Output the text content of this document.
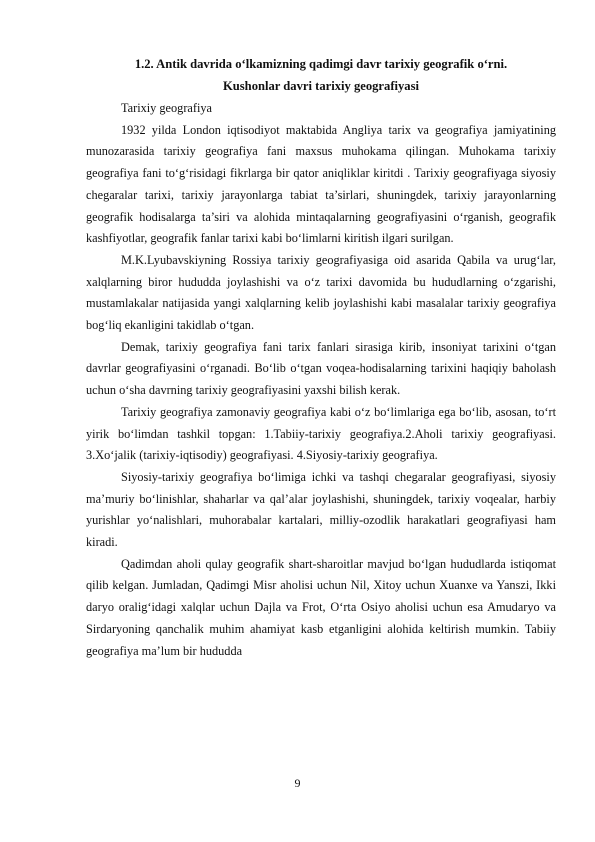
1.2. Antik davrida o‘lkamizning qadimgi davr tarixiy geografik o‘rni.
Kushonlar davri tarixiy geografiyasi

Tarixiy geografiya

1932 yilda London iqtisodiyot maktabida Angliya tarix va geografiya jamiyatining munozarasida tarixiy geografiya fani maxsus muhokama qilingan. Muhokama tarixiy geografiya fani to‘g‘risidagi fikrlarga bir qator aniqliklar kiritdi . Tarixiy geografiyaga siyosiy chegaralar tarixi, tarixiy jarayonlarga tabiat ta’sirlari, shuningdek, tarixiy jarayonlarning geografik hodisalarga ta’siri va alohida mintaqalarning geografiyasini o‘rganish, geografik kashfiyotlar, geografik fanlar tarixi kabi bo‘limlarni kiritish ilgari surilgan.

M.K.Lyubavskiyning Rossiya tarixiy geografiyasiga oid asarida Qabila va urug‘lar, xalqlarning biror hududda joylashishi va o‘z tarixi davomida bu hududlarning o‘zgarishi, mustamlakalar natijasida yangi xalqlarning kelib joylashishi kabi masalalar tarixiy geografiya bog‘liq ekanligini takidlab o‘tgan.

Demak, tarixiy geografiya fani tarix fanlari sirasiga kirib, insoniyat tarixini o‘tgan davrlar geografiyasini o‘rganadi. Bo‘lib o‘tgan voqea-hodisalarning tarixini haqiqiy baholash uchun o‘sha davrning tarixiy geografiyasini yaxshi bilish kerak.

Tarixiy geografiya zamonaviy geografiya kabi o‘z bo‘limlariga ega bo‘lib, asosan, to‘rt yirik bo‘limdan tashkil topgan: 1.Tabiiy-tarixiy geografiya.2.Aholi tarixiy geografiyasi. 3.Xo‘jalik (tarixiy-iqtisodiy) geografiyasi. 4.Siyosiy-tarixiy geografiya.

Siyosiy-tarixiy geografiya bo‘limiga ichki va tashqi chegaralar geografiyasi, siyosiy ma’muriy bo‘linishlar, shaharlar va qal’alar joylashishi, shuningdek, tarixiy voqealar, harbiy yurishlar yo‘nalishlari, muhorabalar kartalari, milliy-ozodlik harakatlari geografiyasi ham kiradi.

Qadimdan aholi qulay geografik shart-sharoitlar mavjud bo‘lgan hududlarda istiqomat qilib kelgan. Jumladan, Qadimgi Misr aholisi uchun Nil, Xitoy uchun Xuanxe va Yanszi, Ikki daryo oralig‘idagi xalqlar uchun Dajla va Frot, O‘rta Osiyo aholisi uchun esa Amudaryo va Sirdaryoning qanchalik muhim ahamiyat kasb etganligini alohida keltirish mumkin. Tabiiy geografiya ma’lum bir hududda

9
